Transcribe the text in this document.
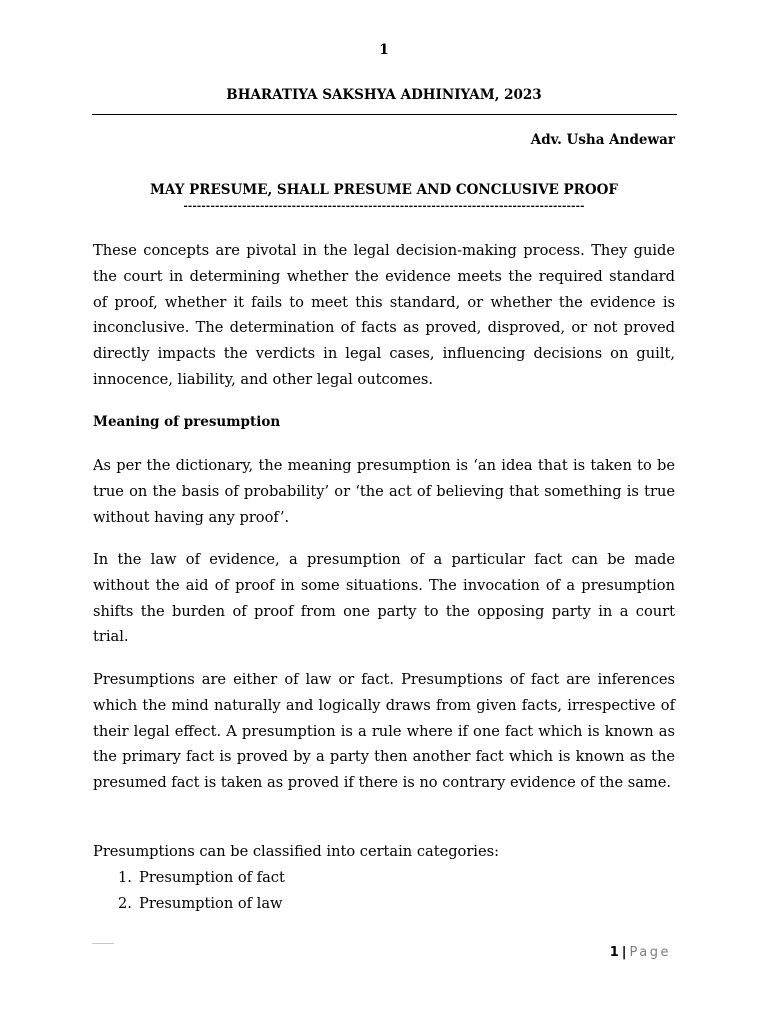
1
BHARATIYA SAKSHYA ADHINIYAM, 2023
Adv. Usha Andewar
MAY PRESUME, SHALL PRESUME AND CONCLUSIVE PROOF
-----------------------------------------------------------------------------------------

These concepts are pivotal in the legal decision-making process. They guide the court in determining whether the evidence meets the required standard of proof, whether it fails to meet this standard, or whether the evidence is inconclusive. The determination of facts as proved, disproved, or not proved directly impacts the verdicts in legal cases, influencing decisions on guilt, innocence, liability, and other legal outcomes.

Meaning of presumption

As per the dictionary, the meaning presumption is ‘an idea that is taken to be true on the basis of probability’ or ‘the act of believing that something is true without having any proof’.

In the law of evidence, a presumption of a particular fact can be made without the aid of proof in some situations. The invocation of a presumption shifts the burden of proof from one party to the opposing party in a court trial.

Presumptions are either of law or fact. Presumptions of fact are inferences which the mind naturally and logically draws from given facts, irrespective of their legal effect. A presumption is a rule where if one fact which is known as the primary fact is proved by a party then another fact which is known as the presumed fact is taken as proved if there is no contrary evidence of the same.

Presumptions can be classified into certain categories:

1. Presumption of fact
2. Presumption of law
1 | Page
